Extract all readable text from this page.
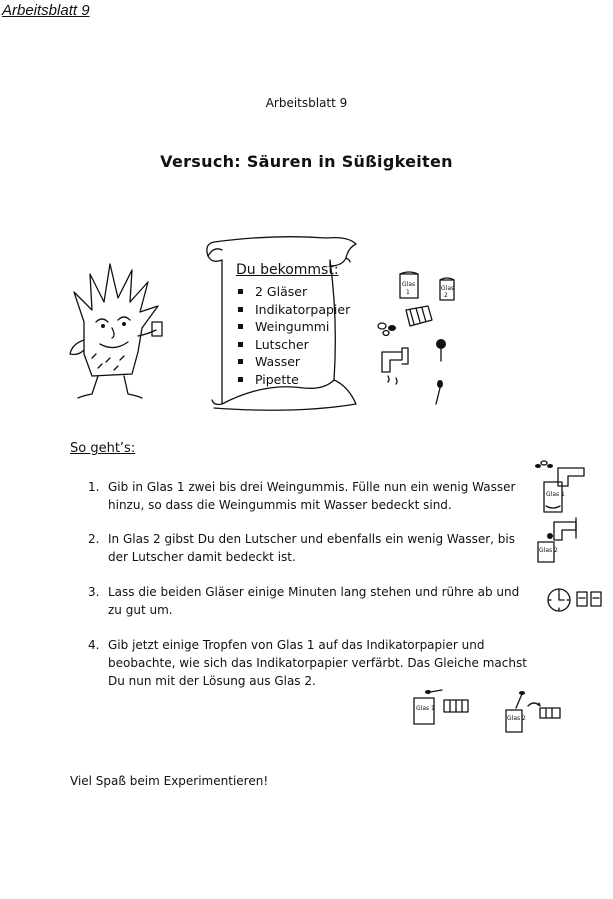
Arbeitsblatt 9
Arbeitsblatt 9
Versuch: Säuren in Süßigkeiten
Du bekommst:
2 Gläser
Indikatorpapier
Weingummi
Lutscher
Wasser
Pipette
Glas
1
Glas
2
So geht’s:
1. Gib in Glas 1 zwei bis drei Weingummis. Fülle nun ein wenig Wasser hinzu, so dass die Weingummis mit Wasser bedeckt sind.
2. In Glas 2 gibst Du den Lutscher und ebenfalls ein wenig Wasser, bis der Lutscher damit bedeckt ist.
3. Lass die beiden Gläser einige Minuten lang stehen und rühre ab und zu gut um.
4. Gib jetzt einige Tropfen von Glas 1 auf das Indikatorpapier und beobachte, wie sich das Indikatorpapier verfärbt. Das Gleiche machst Du nun mit der Lösung aus Glas 2.
Glas 1
Glas 2
Glas 1
Glas 2
Viel Spaß beim Experimentieren!
